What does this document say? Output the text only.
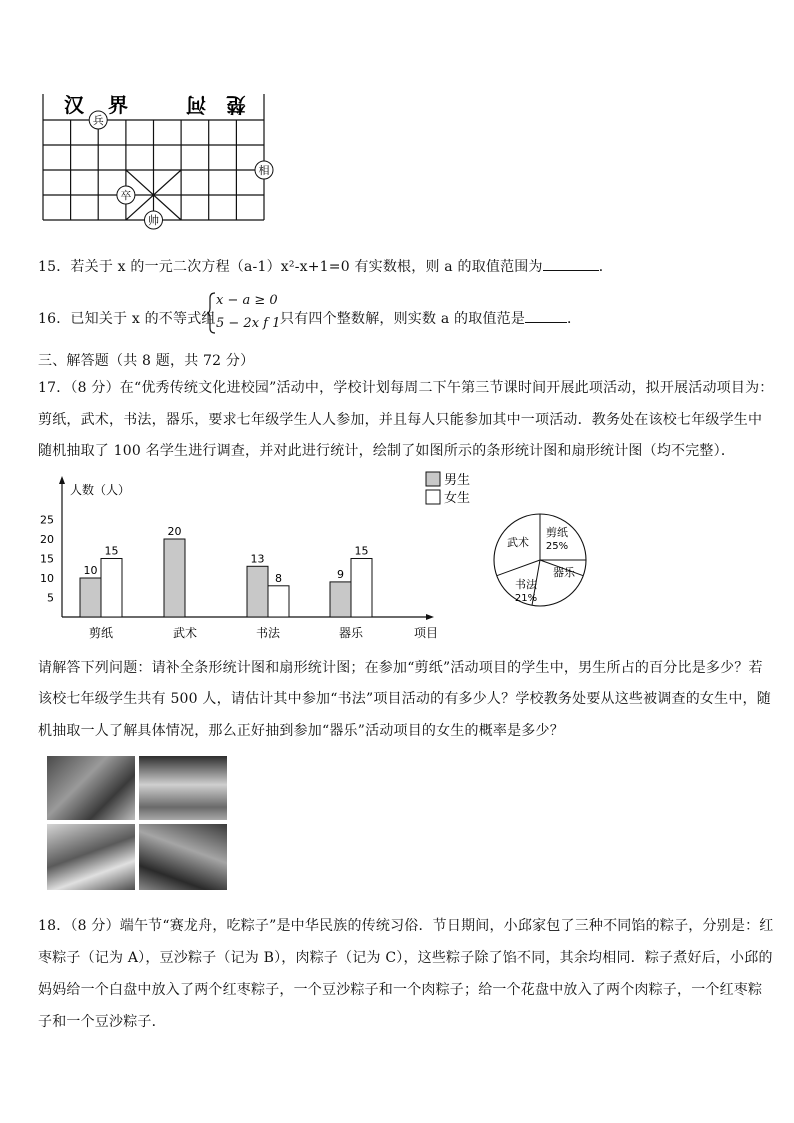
汉 界	河 楚
兵
相
卒
帅
15．若关于 x 的一元二次方程（a-1）x²-x+1=0 有实数根，则 a 的取值范围为	．
16．已知关于 x 的不等式组
x − a ≥ 0
5 − 2x f 1 只有四个整数解，则实数 a 的取值范是	．
三、解答题（共 8 题，共 72 分）
17．（8 分）在“优秀传统文化进校园”活动中，学校计划每周二下午第三节课时间开展此项活动，拟开展活动项目为：
剪纸，武术，书法，器乐，要求七年级学生人人参加，并且每人只能参加其中一项活动．教务处在该校七年级学生中
随机抽取了 100 名学生进行调查，并对此进行统计，绘制了如图所示的条形统计图和扇形统计图（均不完整）．
5
10
15
20
25
人数（人）
项目
剪纸
10
15
武术
20
书法
13
8
器乐
9
15
男生
女生
武术
剪纸
25%
器乐
书法
21%
请解答下列问题：请补全条形统计图和扇形统计图；在参加“剪纸”活动项目的学生中，男生所占的百分比是多少？若
该校七年级学生共有 500 人，请估计其中参加“书法”项目活动的有多少人？学校教务处要从这些被调查的女生中，随
机抽取一人了解具体情况，那么正好抽到参加“器乐”活动项目的女生的概率是多少？
18．（8 分）端午节“赛龙舟，吃粽子”是中华民族的传统习俗．节日期间，小邱家包了三种不同馅的粽子，分别是：红
枣粽子（记为 A），豆沙粽子（记为 B），肉粽子（记为 C），这些粽子除了馅不同，其余均相同．粽子煮好后，小邱的
妈妈给一个白盘中放入了两个红枣粽子，一个豆沙粽子和一个肉粽子；给一个花盘中放入了两个肉粽子，一个红枣粽
子和一个豆沙粽子．
